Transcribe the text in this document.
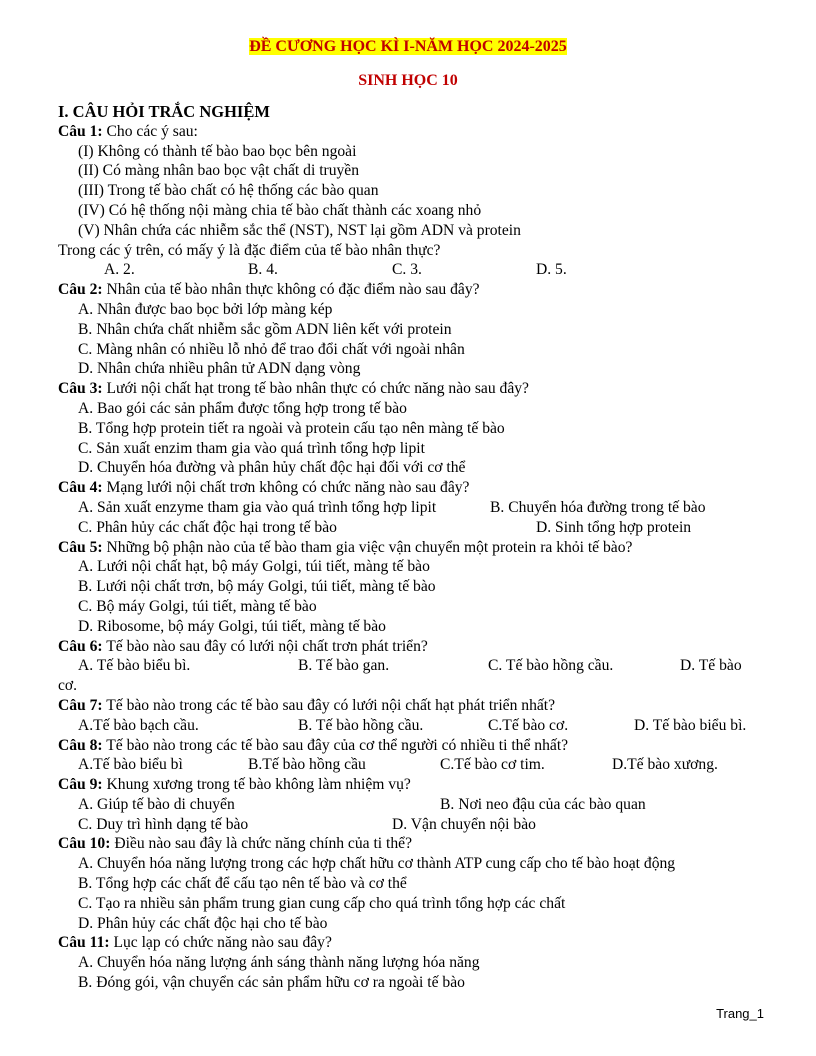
ĐỀ CƯƠNG HỌC KÌ I-NĂM HỌC 2024-2025
SINH HỌC 10
I. CÂU HỎI TRẮC NGHIỆM
Câu 1: Cho các ý sau:
(I) Không có thành tế bào bao bọc bên ngoài
(II) Có màng nhân bao bọc vật chất di truyền
(III) Trong tế bào chất có hệ thống các bào quan
(IV) Có hệ thống nội màng chia tế bào chất thành các xoang nhỏ
(V) Nhân chứa các nhiễm sắc thể (NST), NST lại gồm ADN và protein
Trong các ý trên, có mấy ý là đặc điểm của tế bào nhân thực?
A. 2.	B. 4.	C. 3.	D. 5.
Câu 2: Nhân của tế bào nhân thực không có đặc điểm nào sau đây?
A. Nhân được bao bọc bởi lớp màng kép
B. Nhân chứa chất nhiễm sắc gồm ADN liên kết với protein
C. Màng nhân có nhiều lỗ nhỏ để trao đổi chất với ngoài nhân
D. Nhân chứa nhiều phân tử ADN dạng vòng
Câu 3: Lưới nội chất hạt trong tế bào nhân thực có chức năng nào sau đây?
A. Bao gói các sản phẩm được tổng hợp trong tế bào
B. Tổng hợp protein tiết ra ngoài và protein cấu tạo nên màng tế bào
C. Sản xuất enzim tham gia vào quá trình tổng hợp lipit
D. Chuyển hóa đường và phân hủy chất độc hại đối với cơ thể
Câu 4: Mạng lưới nội chất trơn không có chức năng nào sau đây?
A. Sản xuất enzyme tham gia vào quá trình tổng hợp lipit	B. Chuyển hóa đường trong tế bào
C. Phân hủy các chất độc hại trong tế bào	D. Sinh tổng hợp protein
Câu 5: Những bộ phận nào của tế bào tham gia việc vận chuyển một protein ra khỏi tế bào?
A. Lưới nội chất hạt, bộ máy Golgi, túi tiết, màng tế bào
B. Lưới nội chất trơn, bộ máy Golgi, túi tiết, màng tế bào
C. Bộ máy Golgi, túi tiết, màng tế bào
D. Ribosome, bộ máy Golgi, túi tiết, màng tế bào
Câu 6: Tế bào nào sau đây có lưới nội chất trơn phát triển?
A. Tế bào biểu bì.	B. Tế bào gan.	C. Tế bào hồng cầu.	D. Tế bào
cơ.
Câu 7: Tế bào nào trong các tế bào sau đây có lưới nội chất hạt phát triển nhất?
A.Tế bào bạch cầu.	B. Tế bào hồng cầu.	C.Tế bào cơ.	D. Tế bào biểu bì.
Câu 8: Tế bào nào trong các tế bào sau đây của cơ thể người có nhiều ti thể nhất?
A.Tế bào biểu bì	B.Tế bào hồng cầu	C.Tế bào cơ tim.	D.Tế bào xương.
Câu 9: Khung xương trong tế bào không làm nhiệm vụ?
A. Giúp tế bào di chuyển	B. Nơi neo đậu của các bào quan
C. Duy trì hình dạng tế bào	D. Vận chuyển nội bào
Câu 10: Điều nào sau đây là chức năng chính của ti thể?
A. Chuyển hóa năng lượng trong các hợp chất hữu cơ thành ATP cung cấp cho tế bào hoạt động
B. Tổng hợp các chất để cấu tạo nên tế bào và cơ thể
C. Tạo ra nhiều sản phẩm trung gian cung cấp cho quá trình tổng hợp các chất
D. Phân hủy các chất độc hại cho tế bào
Câu 11: Lục lạp có chức năng nào sau đây?
A. Chuyển hóa năng lượng ánh sáng thành năng lượng hóa năng
B. Đóng gói, vận chuyển các sản phẩm hữu cơ ra ngoài tế bào
Trang_1
